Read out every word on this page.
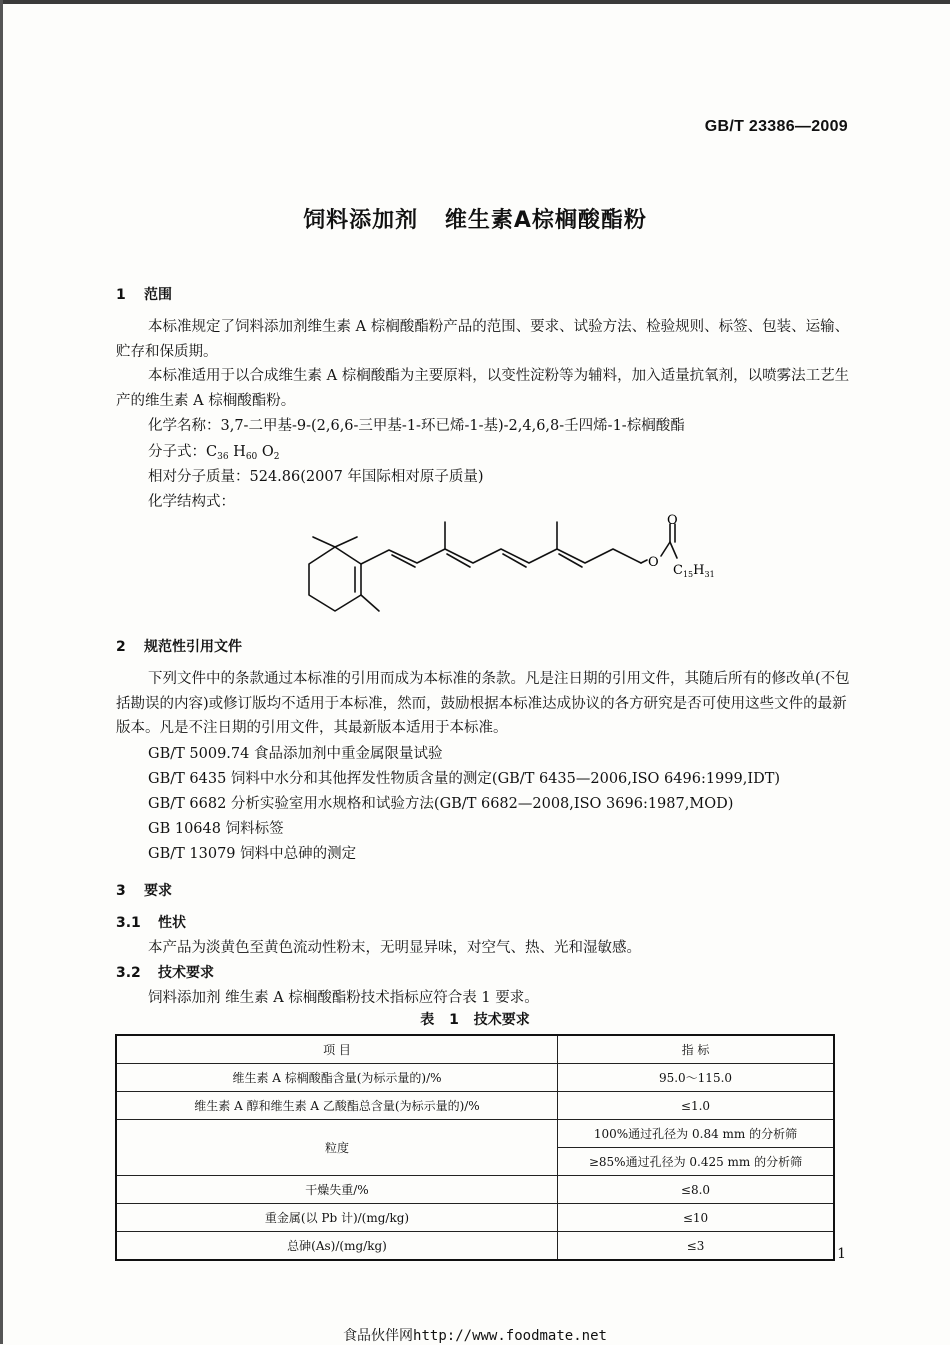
GB/T 23386—2009
饲料添加剂 维生素A棕榈酸酯粉
1 范围
本标准规定了饲料添加剂维生素 A 棕榈酸酯粉产品的范围、要求、试验方法、检验规则、标签、包装、运输、贮存和保质期。
本标准适用于以合成维生素 A 棕榈酸酯为主要原料，以变性淀粉等为辅料，加入适量抗氧剂，以喷雾法工艺生产的维生素 A 棕榈酸酯粉。
化学名称：3,7-二甲基-9-(2,6,6-三甲基-1-环已烯-1-基)-2,4,6,8-壬四烯-1-棕榈酸酯
分子式：$C_{36}$ $H_{60}$ $O_2$
相对分子质量：524.86(2007 年国际相对原子质量)
化学结构式：
O
O
$C_{15}H_{31}$
2 规范性引用文件
下列文件中的条款通过本标准的引用而成为本标准的条款。凡是注日期的引用文件，其随后所有的修改单(不包括勘误的内容)或修订版均不适用于本标准，然而，鼓励根据本标准达成协议的各方研究是否可使用这些文件的最新版本。凡是不注日期的引用文件，其最新版本适用于本标准。
GB/T 5009.74 食品添加剂中重金属限量试验
GB/T 6435 饲料中水分和其他挥发性物质含量的测定(GB/T 6435—2006,ISO 6496:1999,IDT)
GB/T 6682 分析实验室用水规格和试验方法(GB/T 6682—2008,ISO 3696:1987,MOD)
GB 10648 饲料标签
GB/T 13079 饲料中总砷的测定
3 要求
3.1 性状
本产品为淡黄色至黄色流动性粉末，无明显异味，对空气、热、光和湿敏感。
3.2 技术要求
饲料添加剂 维生素 A 棕榈酸酯粉技术指标应符合表 1 要求。
表 1 技术要求
项 目	指 标
维生素 A 棕榈酸酯含量(为标示量的)/%	95.0～115.0
维生素 A 醇和维生素 A 乙酸酯总含量(为标示量的)/%	≤1.0
粒度	100%通过孔径为 0.84 mm 的分析筛
	≥85%通过孔径为 0.425 mm 的分析筛
干燥失重/%	≤8.0
重金属(以 Pb 计)/(mg/kg)	≤10
总砷(As)/(mg/kg)	≤3
1
食品伙伴网http://www.foodmate.net
